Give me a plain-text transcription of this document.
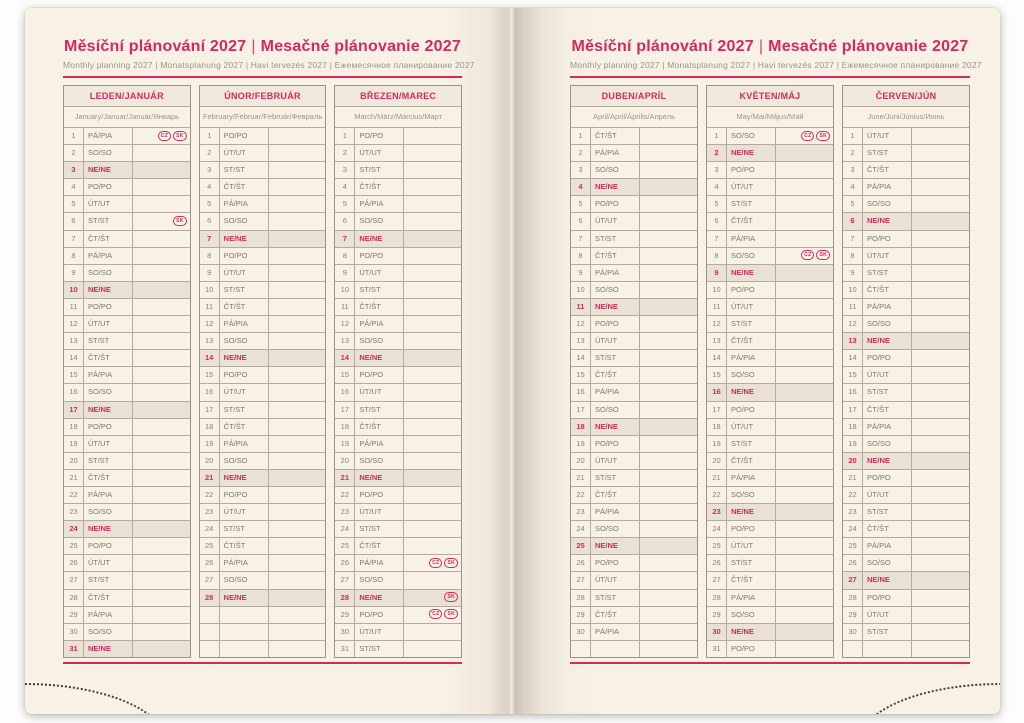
Měsíční plánování 2027 | Mesačné plánovanie 2027
Monthly planning 2027 | Monatsplanung 2027 | Havi tervezés 2027 | Ежемесячное планирование 2027
LEDEN/JANUÁR
January/Januar/Január/Январь
1	PÁ/PIA	CZ SK
2	SO/SO
3	NE/NE
4	PO/PO
5	ÚT/UT
6	ST/ST	SK
7	ČT/ŠT
8	PÁ/PIA
9	SO/SO
10	NE/NE
11	PO/PO
12	ÚT/UT
13	ST/ST
14	ČT/ŠT
15	PÁ/PIA
16	SO/SO
17	NE/NE
18	PO/PO
19	ÚT/UT
20	ST/ST
21	ČT/ŠT
22	PÁ/PIA
23	SO/SO
24	NE/NE
25	PO/PO
26	ÚT/UT
27	ST/ST
28	ČT/ŠT
29	PÁ/PIA
30	SO/SO
31	NE/NE
ÚNOR/FEBRUÁR
February/Februar/Február/Февраль
1	PO/PO
2	ÚT/UT
3	ST/ST
4	ČT/ŠT
5	PÁ/PIA
6	SO/SO
7	NE/NE
8	PO/PO
9	ÚT/UT
10	ST/ST
11	ČT/ŠT
12	PÁ/PIA
13	SO/SO
14	NE/NE
15	PO/PO
16	ÚT/UT
17	ST/ST
18	ČT/ŠT
19	PÁ/PIA
20	SO/SO
21	NE/NE
22	PO/PO
23	ÚT/UT
24	ST/ST
25	ČT/ŠT
26	PÁ/PIA
27	SO/SO
28	NE/NE
BŘEZEN/MAREC
March/März/Március/Март
1	PO/PO
2	ÚT/UT
3	ST/ST
4	ČT/ŠT
5	PÁ/PIA
6	SO/SO
7	NE/NE
8	PO/PO
9	ÚT/UT
10	ST/ST
11	ČT/ŠT
12	PÁ/PIA
13	SO/SO
14	NE/NE
15	PO/PO
16	ÚT/UT
17	ST/ST
18	ČT/ŠT
19	PÁ/PIA
20	SO/SO
21	NE/NE
22	PO/PO
23	ÚT/UT
24	ST/ST
25	ČT/ŠT
26	PÁ/PIA	CZ SK
27	SO/SO
28	NE/NE	SK
29	PO/PO	CZ SK
30	ÚT/UT
31	ST/ST
Měsíční plánování 2027 | Mesačné plánovanie 2027
Monthly planning 2027 | Monatsplanung 2027 | Havi tervezés 2027 | Ежемесячное планирование 2027
DUBEN/APRÍL
April/April/Április/Апрель
1	ČT/ŠT
2	PÁ/PIA
3	SO/SO
4	NE/NE
5	PO/PO
6	ÚT/UT
7	ST/ST
8	ČT/ŠT
9	PÁ/PIA
10	SO/SO
11	NE/NE
12	PO/PO
13	ÚT/UT
14	ST/ST
15	ČT/ŠT
16	PÁ/PIA
17	SO/SO
18	NE/NE
19	PO/PO
20	ÚT/UT
21	ST/ST
22	ČT/ŠT
23	PÁ/PIA
24	SO/SO
25	NE/NE
26	PO/PO
27	ÚT/UT
28	ST/ST
29	ČT/ŠT
30	PÁ/PIA
KVĚTEN/MÁJ
May/Mai/Május/Май
1	SO/SO	CZ SK
2	NE/NE
3	PO/PO
4	ÚT/UT
5	ST/ST
6	ČT/ŠT
7	PÁ/PIA
8	SO/SO	CZ SK
9	NE/NE
10	PO/PO
11	ÚT/UT
12	ST/ST
13	ČT/ŠT
14	PÁ/PIA
15	SO/SO
16	NE/NE
17	PO/PO
18	ÚT/UT
19	ST/ST
20	ČT/ŠT
21	PÁ/PIA
22	SO/SO
23	NE/NE
24	PO/PO
25	ÚT/UT
26	ST/ST
27	ČT/ŠT
28	PÁ/PIA
29	SO/SO
30	NE/NE
31	PO/PO
ČERVEN/JÚN
June/Juni/Június/Июнь
1	ÚT/UT
2	ST/ST
3	ČT/ŠT
4	PÁ/PIA
5	SO/SO
6	NE/NE
7	PO/PO
8	ÚT/UT
9	ST/ST
10	ČT/ŠT
11	PÁ/PIA
12	SO/SO
13	NE/NE
14	PO/PO
15	ÚT/UT
16	ST/ST
17	ČT/ŠT
18	PÁ/PIA
19	SO/SO
20	NE/NE
21	PO/PO
22	ÚT/UT
23	ST/ST
24	ČT/ŠT
25	PÁ/PIA
26	SO/SO
27	NE/NE
28	PO/PO
29	ÚT/UT
30	ST/ST
